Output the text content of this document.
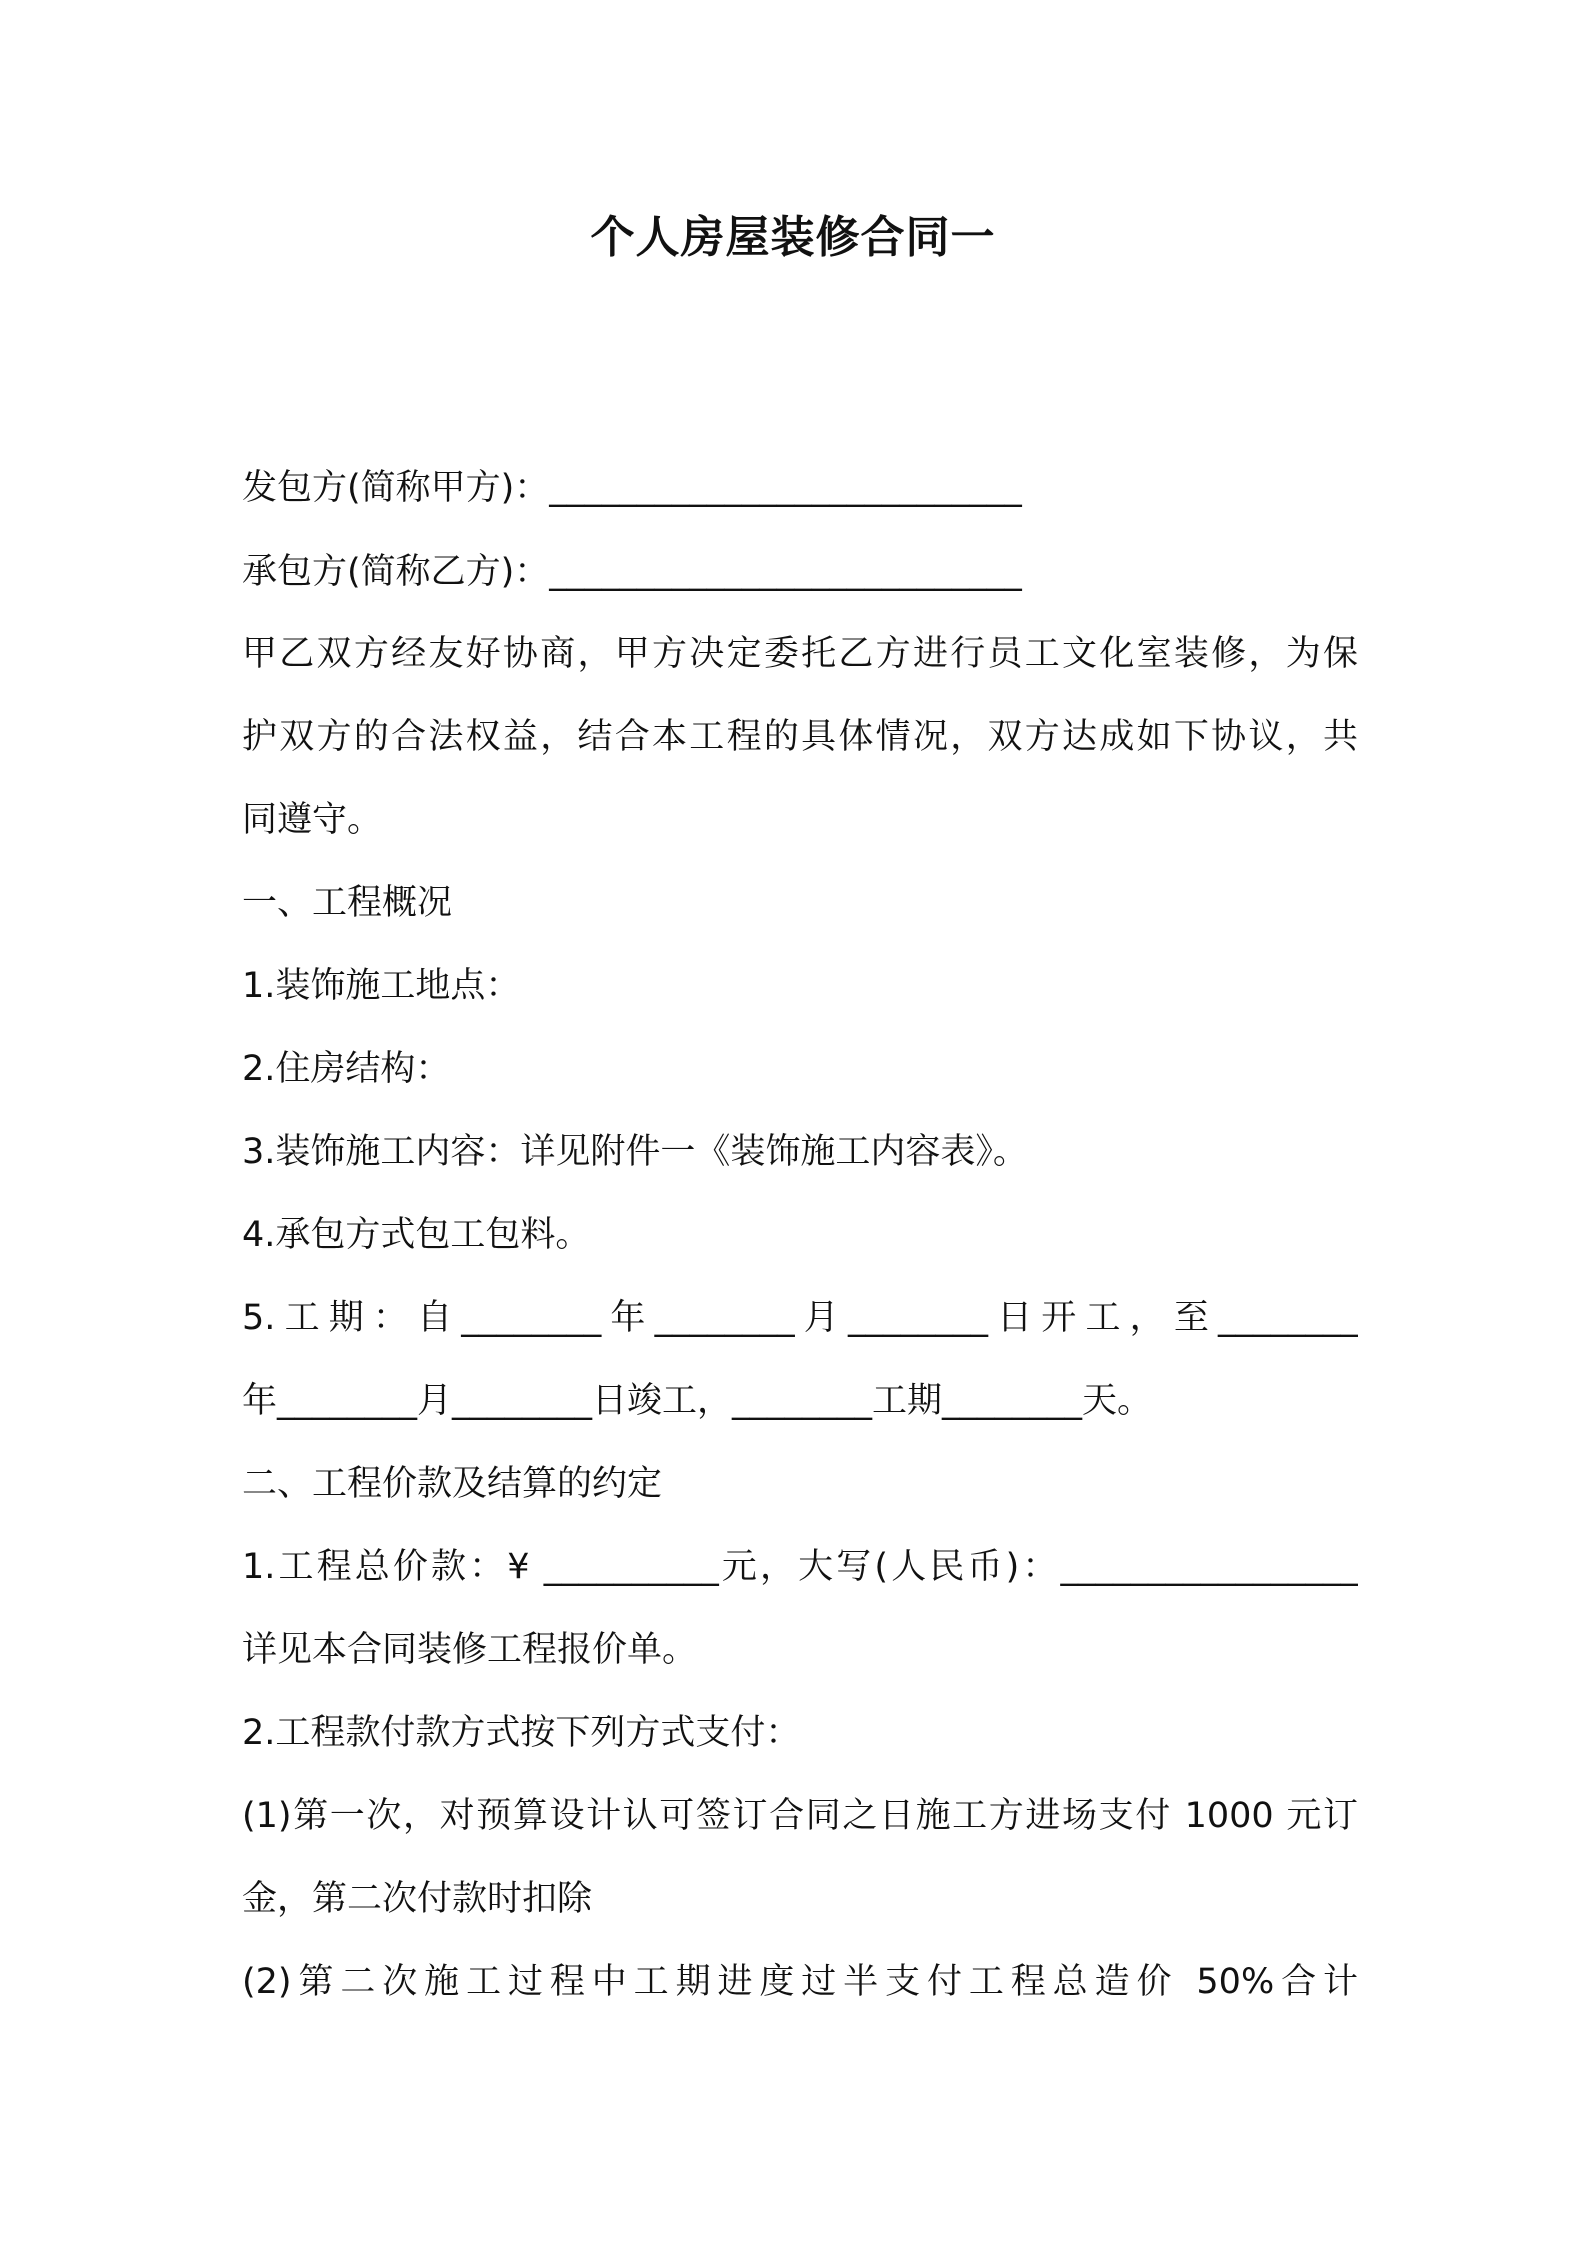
个人房屋装修合同一
发包方(简称甲方)：___________________________
承包方(简称乙方)：___________________________
甲乙双方经友好协商，甲方决定委托乙方进行员工文化室装修，为保
护双方的合法权益，结合本工程的具体情况，双方达成如下协议，共
同遵守。
一、工程概况
1.装饰施工地点：
2.住房结构：
3.装饰施工内容：详见附件一《装饰施工内容表》。
4.承包方式包工包料。
5.工期：自________年________月________日开工，至________
年________月________日竣工，________工期________天。
二、工程价款及结算的约定
1.工程总价款：¥ __________元，大写(人民币)：_________________
详见本合同装修工程报价单。
2.工程款付款方式按下列方式支付：
(1)第一次，对预算设计认可签订合同之日施工方进场支付 1000 元订
金，第二次付款时扣除
(2)第二次施工过程中工期进度过半支付工程总造价 50%合计
